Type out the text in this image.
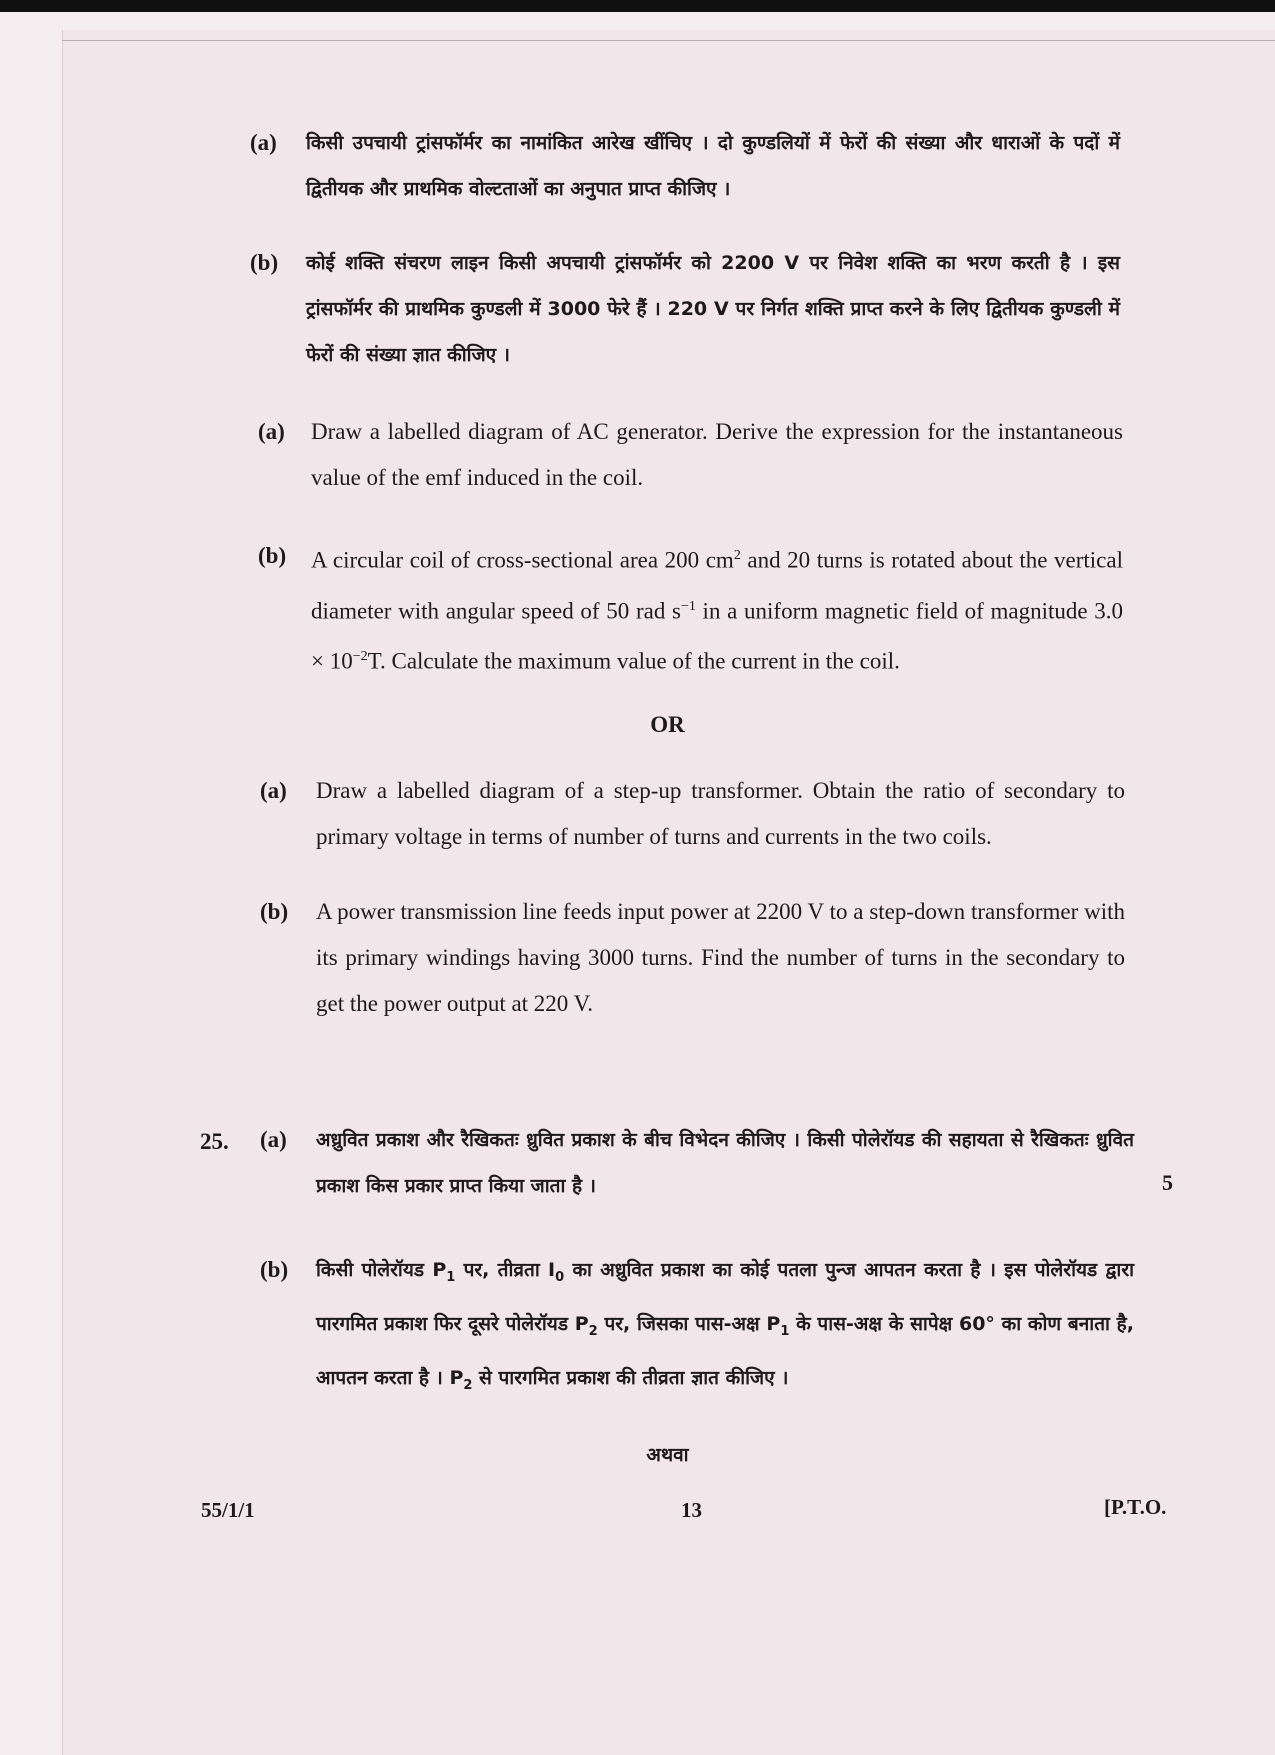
(a) किसी उपचायी ट्रांसफॉर्मर का नामांकित आरेख खींचिए । दो कुण्डलियों में फेरों की संख्या और धाराओं के पदों में द्वितीयक और प्राथमिक वोल्टताओं का अनुपात प्राप्त कीजिए ।
(b) कोई शक्ति संचरण लाइन किसी अपचायी ट्रांसफॉर्मर को 2200 V पर निवेश शक्ति का भरण करती है । इस ट्रांसफॉर्मर की प्राथमिक कुण्डली में 3000 फेरे हैं । 220 V पर निर्गत शक्ति प्राप्त करने के लिए द्वितीयक कुण्डली में फेरों की संख्या ज्ञात कीजिए ।
(a) Draw a labelled diagram of AC generator. Derive the expression for the instantaneous value of the emf induced in the coil.
(b) A circular coil of cross-sectional area 200 $cm^2$ and 20 turns is rotated about the vertical diameter with angular speed of 50 rad $s^{-1}$ in a uniform magnetic field of magnitude $3.0 \times 10^{-2}T$. Calculate the maximum value of the current in the coil.
OR
(a) Draw a labelled diagram of a step-up transformer. Obtain the ratio of secondary to primary voltage in terms of number of turns and currents in the two coils.
(b) A power transmission line feeds input power at 2200 V to a step-down transformer with its primary windings having 3000 turns. Find the number of turns in the secondary to get the power output at 220 V.
25.
5
(a) अध्रुवित प्रकाश और रैखिकतः ध्रुवित प्रकाश के बीच विभेदन कीजिए । किसी पोलेरॉयड की सहायता से रैखिकतः ध्रुवित प्रकाश किस प्रकार प्राप्त किया जाता है ।
(b) किसी पोलेरॉयड $P_1$ पर, तीव्रता $I_0$ का अध्रुवित प्रकाश का कोई पतला पुन्ज आपतन करता है । इस पोलेरॉयड द्वारा पारगमित प्रकाश फिर दूसरे पोलेरॉयड $P_2$ पर, जिसका पास-अक्ष $P_1$ के पास-अक्ष के सापेक्ष 60° का कोण बनाता है, आपतन करता है । $P_2$ से पारगमित प्रकाश की तीव्रता ज्ञात कीजिए ।
अथवा
55/1/1	13	[P.T.O.
